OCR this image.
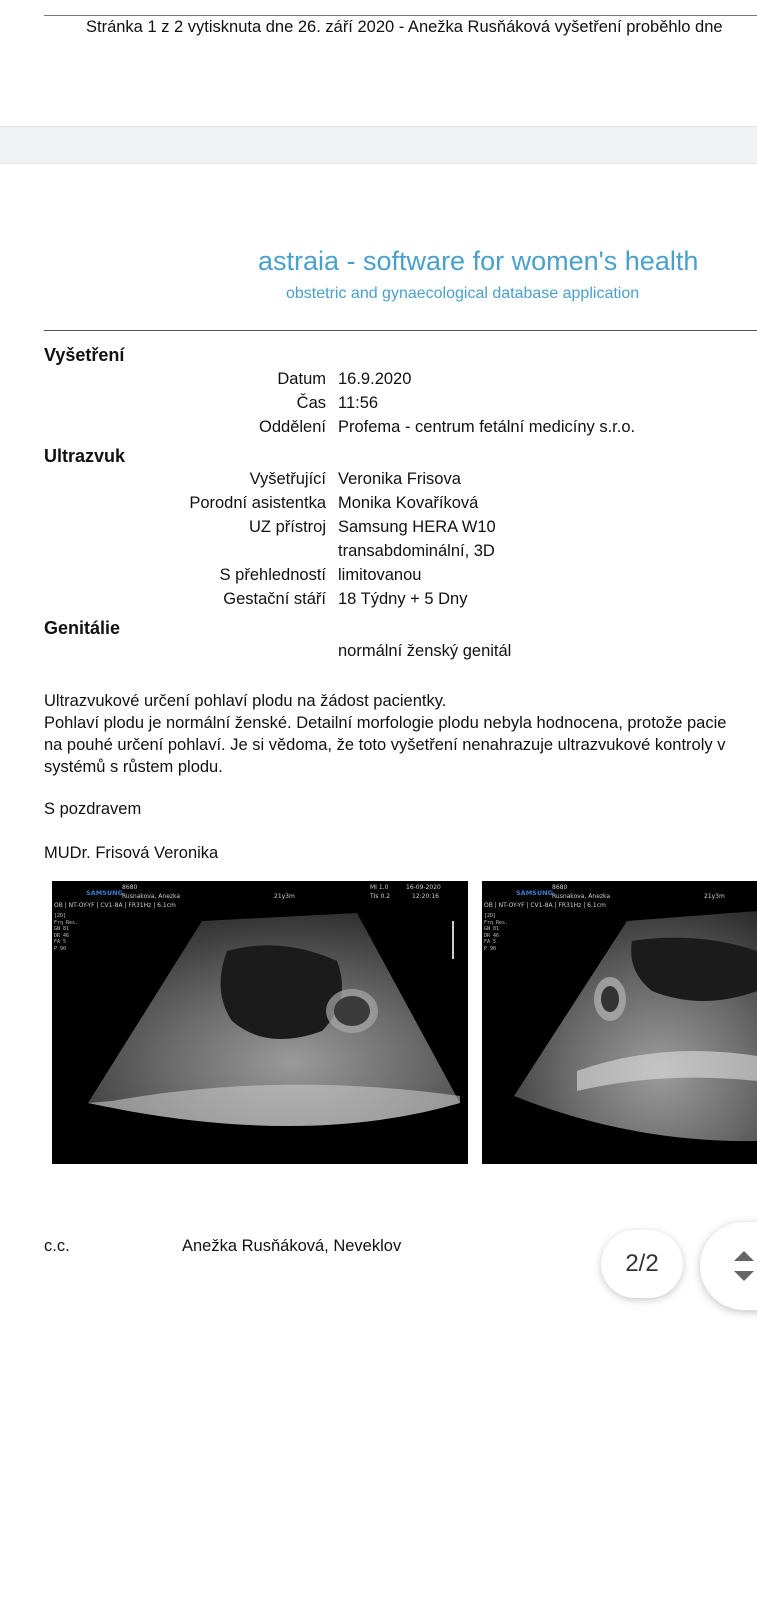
Stránka 1 z 2 vytisknuta dne 26. září 2020 - Anežka Rusňáková vyšetření proběhlo dne
astraia - software for women's health
obstetric and gynaecological database application
Vyšetření
Datum 16.9.2020
Čas 11:56
Oddělení Profema - centrum fetální medicíny s.r.o.
Ultrazvuk
Vyšetřující Veronika Frisova
Porodní asistentka Monika Kovaříková
UZ přístroj Samsung HERA W10
transabdominální, 3D
S přehledností limitovanou
Gestační stáří 18 Týdny + 5 Dny
Genitálie
normální ženský genitál
Ultrazvukové určení pohlaví plodu na žádost pacientky.
Pohlaví plodu je normální ženské. Detailní morfologie plodu nebyla hodnocena, protože pacie
na pouhé určení pohlaví. Je si vědoma, že toto vyšetření nenahrazuje ultrazvukové kontroly v
systémů s růstem plodu.
S pozdravem
MUDr. Frisová Veronika
SAMSUNG
8680
Rusnakova, Anezka	21y3m
MI 1.0
TIs 0.2
16-09-2020
12:20:16
OB | NT-OY-YF | CV1-8A | FR31Hz | 6.1cm
[2D]
Frq Res.
GN 81
DR 46
FA 5
P 90
SAMSUNG
8680
Rusnakova, Anezka	21y3m
OB | NT-OY-YF | CV1-8A | FR31Hz | 6.1cm
[2D]
Frq Res.
GN 81
DR 46
FA 5
P 90
c.c.	Anežka Rusňáková, Neveklov
2/2
